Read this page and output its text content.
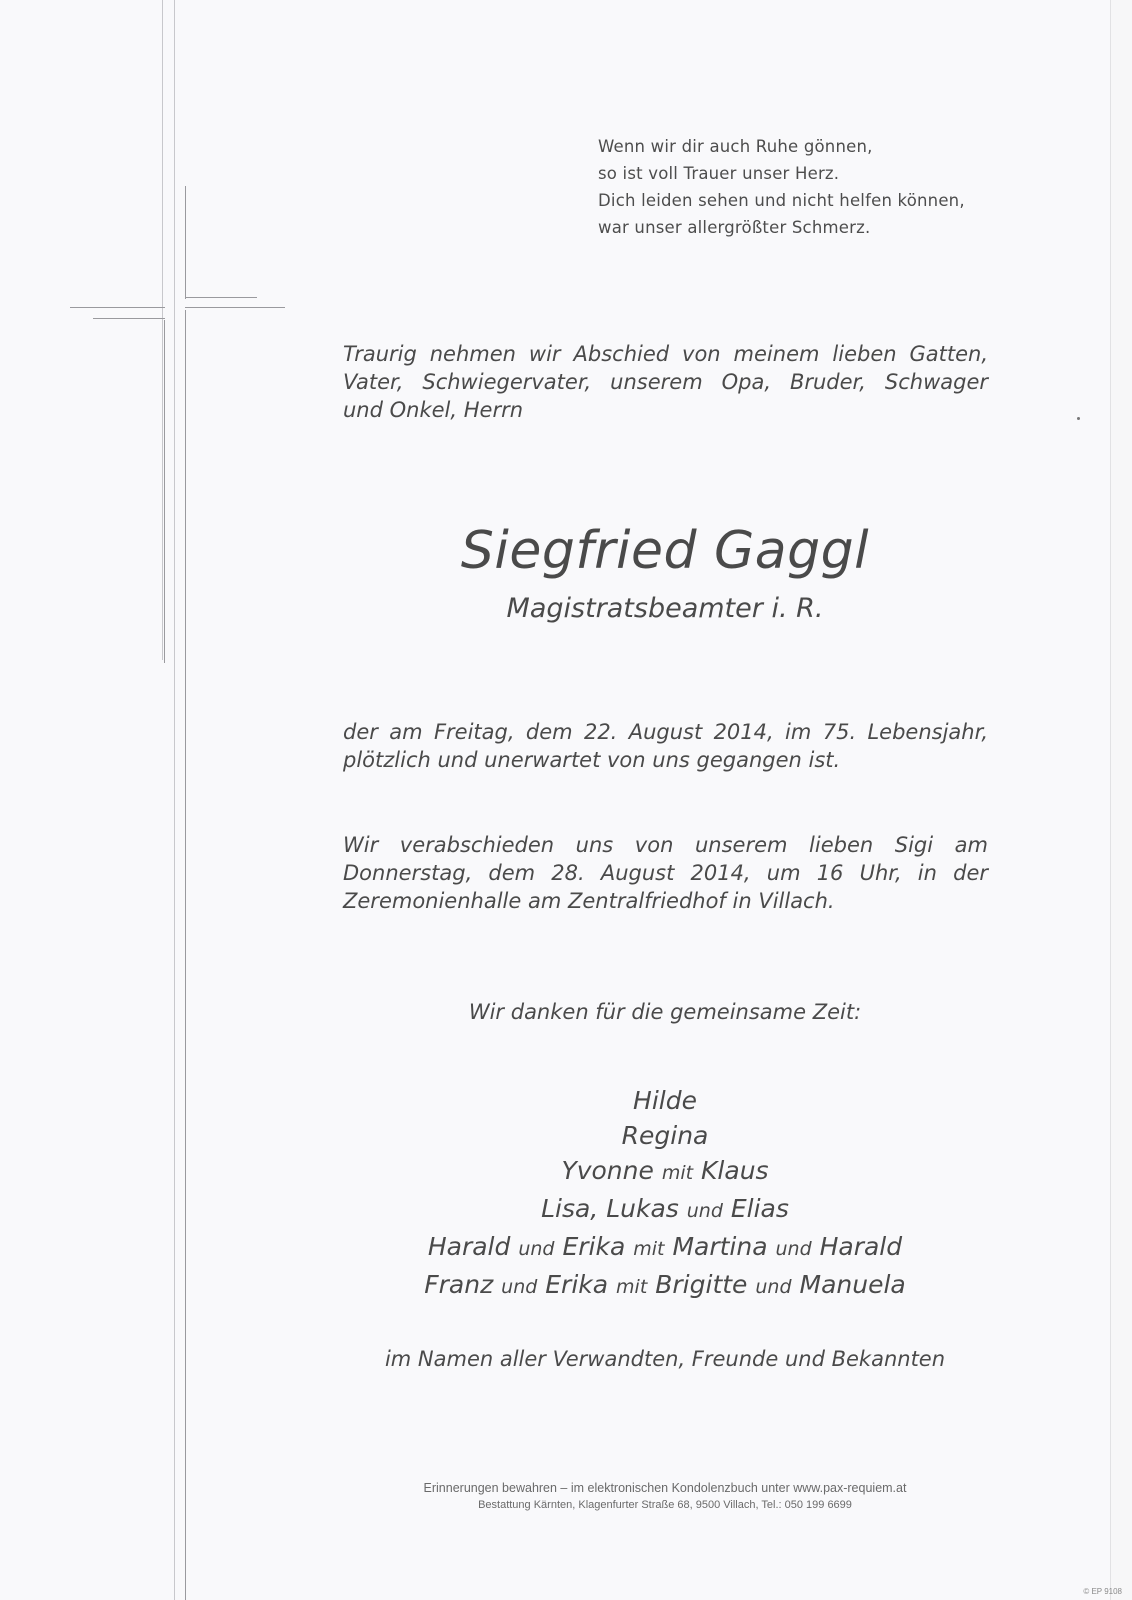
Wenn wir dir auch Ruhe gönnen,
so ist voll Trauer unser Herz.
Dich leiden sehen und nicht helfen können,
war unser allergrößter Schmerz.
Traurig nehmen wir Abschied von meinem lieben Gatten,
Vater, Schwiegervater, unserem Opa, Bruder, Schwager
und Onkel, Herrn
Siegfried Gaggl
Magistratsbeamter i. R.
der am Freitag, dem 22. August 2014, im 75. Lebensjahr,
plötzlich und unerwartet von uns gegangen ist.
Wir verabschieden uns von unserem lieben Sigi am
Donnerstag, dem 28. August 2014, um 16 Uhr, in der
Zeremonienhalle am Zentralfriedhof in Villach.
Wir danken für die gemeinsame Zeit:
Hilde
Regina
Yvonne mit Klaus
Lisa, Lukas und Elias
Harald und Erika mit Martina und Harald
Franz und Erika mit Brigitte und Manuela
im Namen aller Verwandten, Freunde und Bekannten
Erinnerungen bewahren – im elektronischen Kondolenzbuch unter www.pax-requiem.at
Bestattung Kärnten, Klagenfurter Straße 68, 9500 Villach, Tel.: 050 199 6699
© EP 9108
